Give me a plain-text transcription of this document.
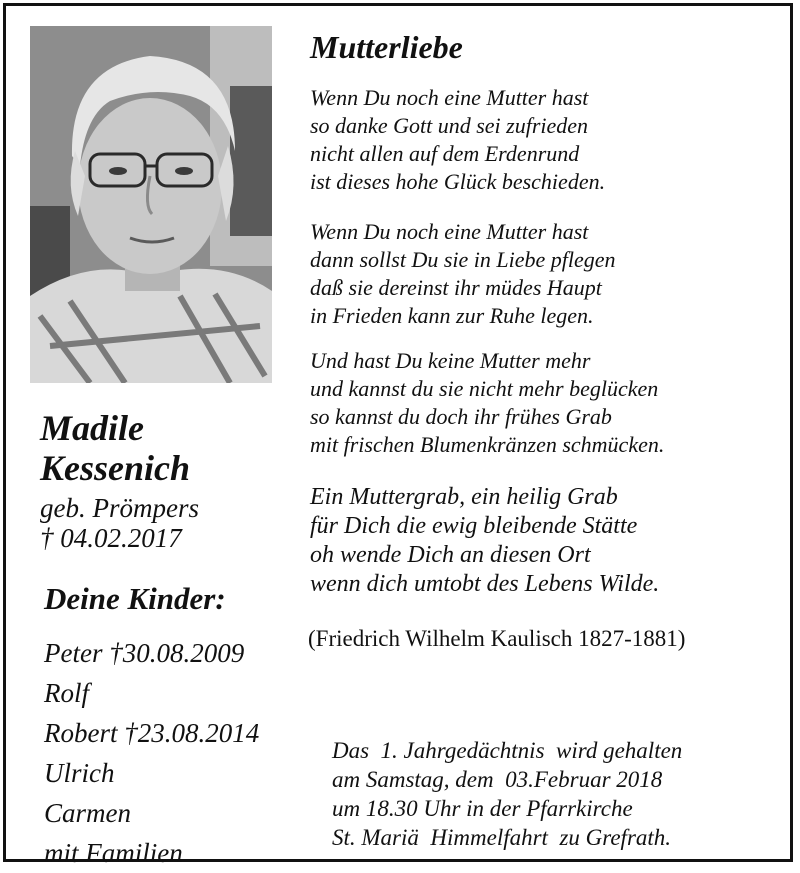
Madile
Kessenich

geb. Prömpers

† 04.02.2017

Deine Kinder:
Peter †30.08.2009
Rolf
Robert †23.08.2014
Ulrich
Carmen
mit Familien
Mutterliebe
Wenn Du noch eine Mutter hast
so danke Gott und sei zufrieden
nicht allen auf dem Erdenrund
ist dieses hohe Glück beschieden.
Wenn Du noch eine Mutter hast
dann sollst Du sie in Liebe pflegen
daß sie dereinst ihr müdes Haupt
in Frieden kann zur Ruhe legen.
Und hast Du keine Mutter mehr
und kannst du sie nicht mehr beglücken
so kannst du doch ihr frühes Grab
mit frischen Blumenkränzen schmücken.
Ein Muttergrab, ein heilig Grab
für Dich die ewig bleibende Stätte
oh wende Dich an diesen Ort
wenn dich umtobt des Lebens Wilde.

(Friedrich Wilhelm Kaulisch 1827-1881)

Das  1. Jahrgedächtnis  wird gehalten
am Samstag, dem  03.Februar 2018
um 18.30 Uhr in der Pfarrkirche
St. Mariä  Himmelfahrt  zu Grefrath.
